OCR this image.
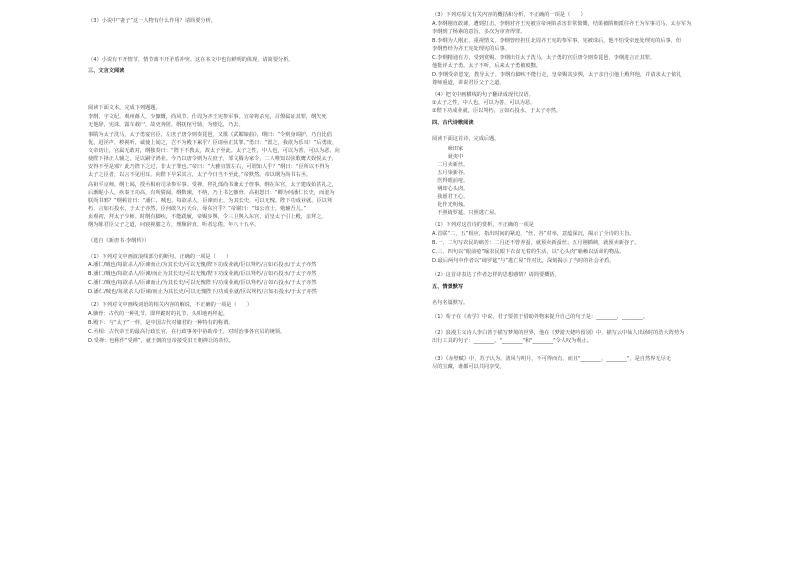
（3）小说中“妻子”这一人物有什么作用？请简要分析。
（4）小说有不开情节，情节离不开矛盾冲突。这在本文中也有鲜明的体现，请简要分析。
三、文言文阅读
阅读下面文本，完成下列题题。
李纲，字文纪，观州蓚人，少慷慨，尚风节。仕周为齐王宪参军事。宣帝将杀宪，召僚属证其罪，纲矢死
无他辞，宪诛，露车载尸，故吏奔匿，纲抚棺号恸，为瘗讫，乃去。
事隋为太子洗马，太子勇宴宫臣，左庶子唐令则奏琵琶，又歌《武媚娘曲》，纲曰：“令则身调护，乃自比倡
优，进淫声，秽视听，诚使上闻之，岂不为殿下累乎？臣请亟正其罪。”勇曰：“置之，我欲为乐耳！”后勇废，
文帝切让，宫属无敢对，纲独奏曰：“陛下不教太，故太子至此。太子之性，中人也，可以为善，可以为恶，向
使陛下择正人辅之，足以嗣守鸿业。今乃以唐令则为左庶子，邹文腾为家令，二人唯知以弦歌鹰犬娱悦太子，
安得不至是邪？此乃陛下之过，非太子罪也。”帝曰：“大雅宜置左右，可谓知人乎？”纲曰：“臣所以不得为
太子之臣者，以言不见用耳。向陛下早采其言，太子今日当不至此。”帝默然。帝以纲为尚书右丞。
高祖平京师，纲上谒，授丞相府司录参军事。受禅，拜礼部尚书兼太子詹事。纲在东宫，太子建成始甚礼之，
后渐昵小人，疾秦王功高，有所猜阋。纲数谏，不纳，乃上书乞骸骨。高祖怒曰：“卿为何潘仁长史，而羞为
朕尚书邪？”纲顿首曰：“潘仁，贼也，每欲杀人，臣谏而止，为其长史，可以无愧。陛下功成业就，臣以驽
朽，言如石投水，于太子亦然，臣何敢久污天台，辱东宫乎？”帝谢曰：“知公直士，勉辅吾儿。”
贞观初，拜太子少师。时纲有脚疾，不能践履，帝赐步舆，令三卫舆入东宫，诏皇太子引上殿，亲拜之。
纲为陈君臣父子之道，问寝视膳之方，理顺辞直，听者忘倦。年八十五卒。
（选自《新唐书·李纲传》）
（1）下列对文中画波浪线部分的断句，正确的一项是（　　）
A.潘仁/贼也/每欲杀人/臣谏而止/为其长史/可以无愧/陛下功成业就/臣以驽朽/言如石投水/于太子亦然
B.潘仁/贼也/每欲杀人/臣谏/而止为其长史/可以无愧/陛下功成业就/臣以驽朽/言如石投水/于太子亦然
C.潘仁/贼也/每欲杀人/臣谏而止/为其长史/可以无愧陛下/功成业就/臣以驽朽/言如石投水/于太子亦然
D.潘仁/贼也/每欲杀人/臣谏/而止为其长史/可以无愧陛下/功成业就/臣以驽朽/言如石投水/于太子亦然
（2）下列对文中画线词语的相关内容的解说，不正确的一项是（　　）
A.骸骨：古代的一种礼节，即拜跪时的礼节，头叩地再拜起。
B.殿下：与“太子”一样，是中国古代对储君的一种特有的称谓。
C.丞相：古代帝王的最高行政长官，在行政事务中协助帝王，对时治事各官员的统领。
D.受禅：也称作“受禅”，就王朝的皇帝接受旧王朝禅让的帝位。
（3）下列对原文有关内容的概括和分析，不正确的一项是（　　）
A.李纲刚直敢谏，遭到打击。李纲对齐王宪被宣帝诬陷杀害非常愤慨，结果被隋朝派往齐王为军事司马，太存军为
李纲到了杨素的意旨，多次为审查得罪。
B.李纲为人刚正，重视情义，李纲曾经担任北周齐王宪的参军事，宪被诛后，他不怕受牵连处理宪的后事，但
李纲曾经为齐王宪处理宪的后事。
C.李纲精通有方，受到赏赐。李纲出任太子洗马，太子勇的宫臣唐令则奏琵琶，李纲进言正其罪，
他批评太子勇，太子不听，后来太子勇被废黜。
D.李纲受帝恩宠，教导太子。李纲有脚疾不能行走，皇帝赐其步舆，太子亲自引他上殿拜他，并请求太子依礼
尊师重道，讲说君臣父子之道。
（4）把文中画横线的句子翻译成现代汉语。
①太子之性，中人也，可以为善，可以为恶。
②陛下功成业就，臣以驽朽，言如石投水，于太子亦然。
四、古代诗歌阅读
阅读下面这首诗，完成后题。
　　　咏田家
　　　聂夷中
　二月卖新丝，
　五月粜新谷。
　医得眼前疮，
　剜却心头肉。
　我愿君王心，
　化作光明烛。
　不照绮罗筵，只照逃亡屋。
（1）下列对这首诗的赏析，不正确的一项是
A.首联“二、五”相应，指出时间的紧迫，“丝、谷”对举，意蕴深沉，揭示了全诗的主旨。
B.一、二句写农民的痛苦：二月还不曾养蚕，就预卖新蚕丝；五月刚插秧，就预卖新谷子。
C.三、四句以“眼前疮”喻农民眼下衣食无着的生活，以“心头肉”喻赖以活命的物品。
D.最后两句中作者以“绮罗筵”与“逃亡屋”作对比，深刻揭示了当时的社会矛盾。
（2）这首诗表达了作者怎样的思想感情？请简要概括。
五、情景默写
名句名篇默写。
（1）荀子在《劝学》中说，君子要善于借助外物来提升自己的句子是：________，________。
（2）浪漫主义诗人李白善于描写梦境的世界，他在《梦游天姥吟留别》中，描写云中仙人出场时的浩大阵势为
出行工具的句子：________，"________"和"________"令人叹为观止。
（3）《赤壁赋》中，苏子认为，清风与明月，不可得而有，而且"________，________"，是自然界无尽无
尽的宝藏，谁都可以共同享受。
